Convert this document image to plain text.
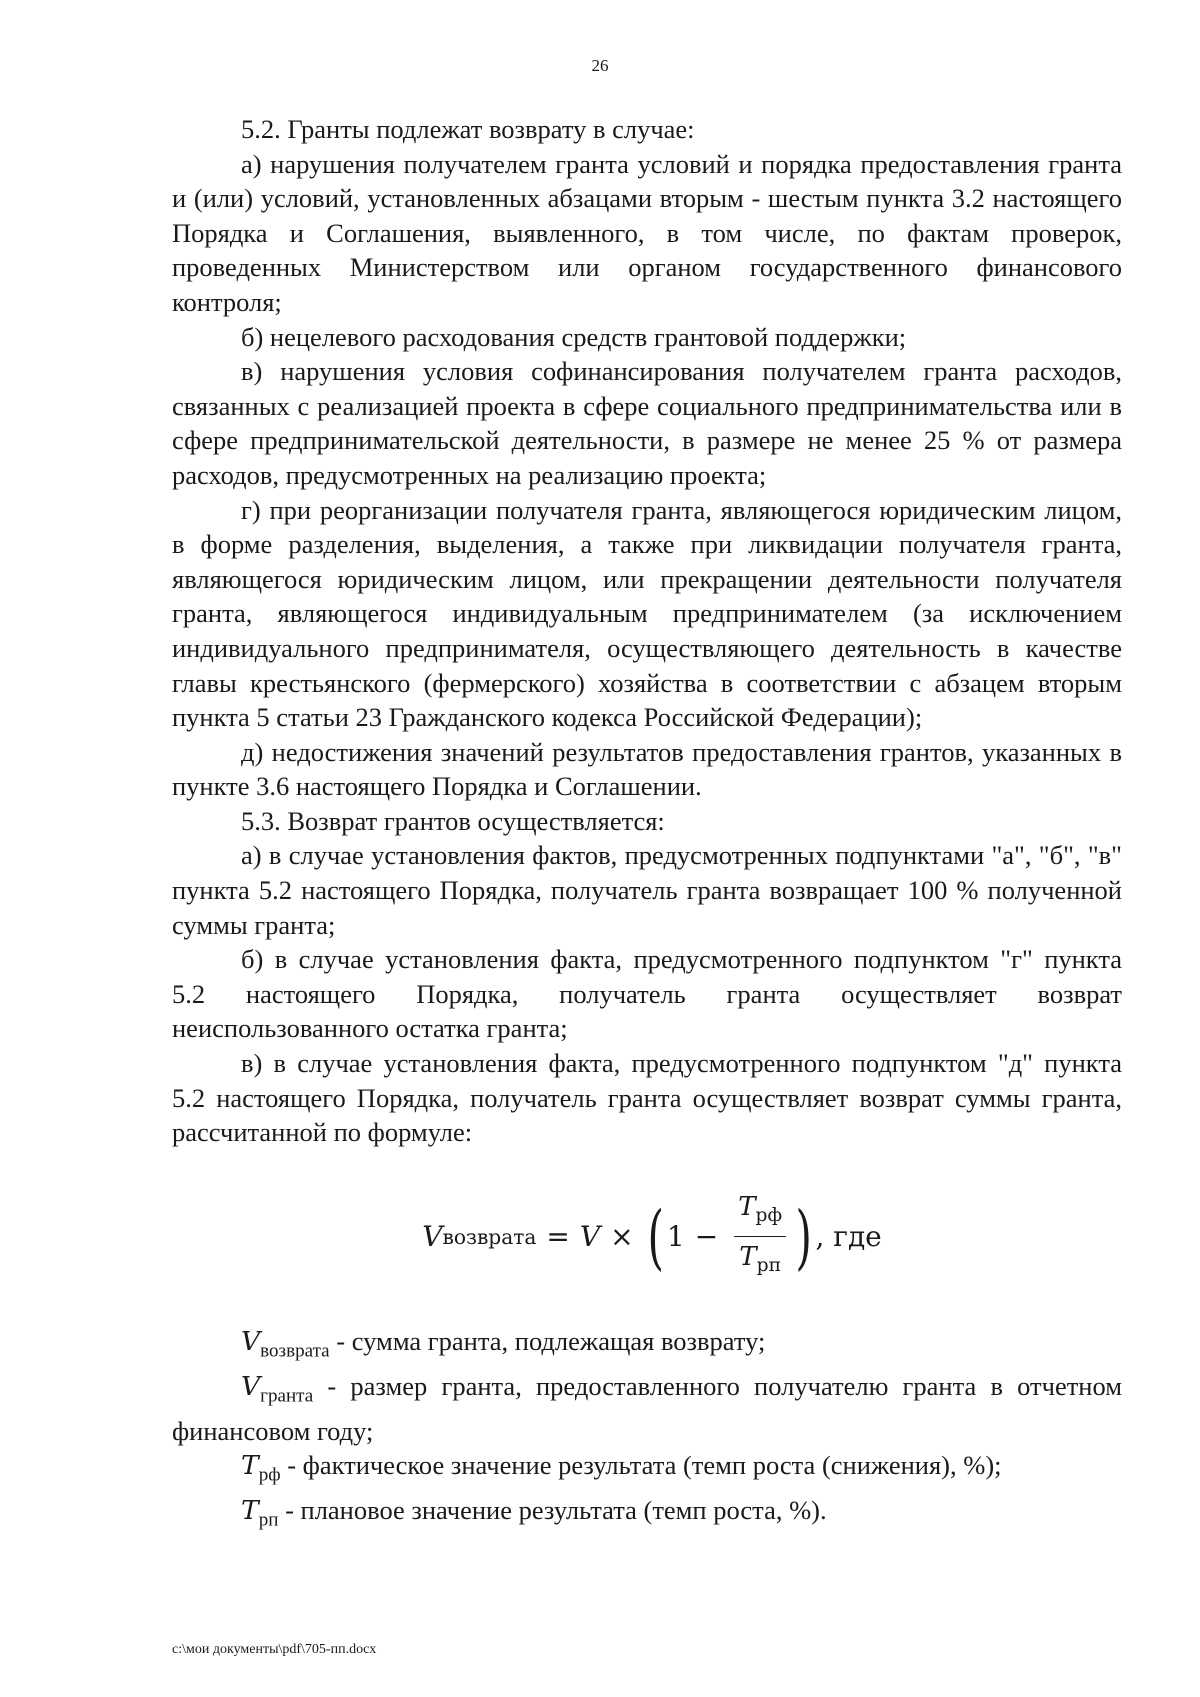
26

5.2. Гранты подлежат возврату в случае:

а) нарушения получателем гранта условий и порядка предоставления гранта и (или) условий, установленных абзацами вторым - шестым пункта 3.2 настоящего Порядка и Соглашения, выявленного, в том числе, по фактам проверок, проведенных Министерством или органом государственного финансового контроля;

б) нецелевого расходования средств грантовой поддержки;

в) нарушения условия софинансирования получателем гранта расходов, связанных с реализацией проекта в сфере социального предпринимательства или в сфере предпринимательской деятельности, в размере не менее 25 % от размера расходов, предусмотренных на реализацию проекта;

г) при реорганизации получателя гранта, являющегося юридическим лицом, в форме разделения, выделения, а также при ликвидации получателя гранта, являющегося юридическим лицом, или прекращении деятельности получателя гранта, являющегося индивидуальным предпринимателем (за исключением индивидуального предпринимателя, осуществляющего деятельность в качестве главы крестьянского (фермерского) хозяйства в соответствии с абзацем вторым пункта 5 статьи 23 Гражданского кодекса Российской Федерации);

д) недостижения значений результатов предоставления грантов, указанных в пункте 3.6 настоящего Порядка и Соглашении.

5.3. Возврат грантов осуществляется:

а) в случае установления фактов, предусмотренных подпунктами "а", "б", "в" пункта 5.2 настоящего Порядка, получатель гранта возвращает 100 % полученной суммы гранта;

б) в случае установления факта, предусмотренного подпунктом "г" пункта 5.2 настоящего Порядка, получатель гранта осуществляет возврат неиспользованного остатка гранта;

в) в случае установления факта, предусмотренного подпунктом "д" пункта 5.2 настоящего Порядка, получатель гранта осуществляет возврат суммы гранта, рассчитанной по формуле:

V возврата = V × ( $1 - \frac{T_{рф}}{T_{рп}}$ ) , где

$V_{возврата}$ - сумма гранта, подлежащая возврату;

$V_{гранта}$ - размер гранта, предоставленного получателю гранта в отчетном финансовом году;

$T_{рф}$ - фактическое значение результата (темп роста (снижения), %);

$T_{рп}$ - плановое значение результата (темп роста, %).

c:\мои документы\pdf\705-пп.docx
